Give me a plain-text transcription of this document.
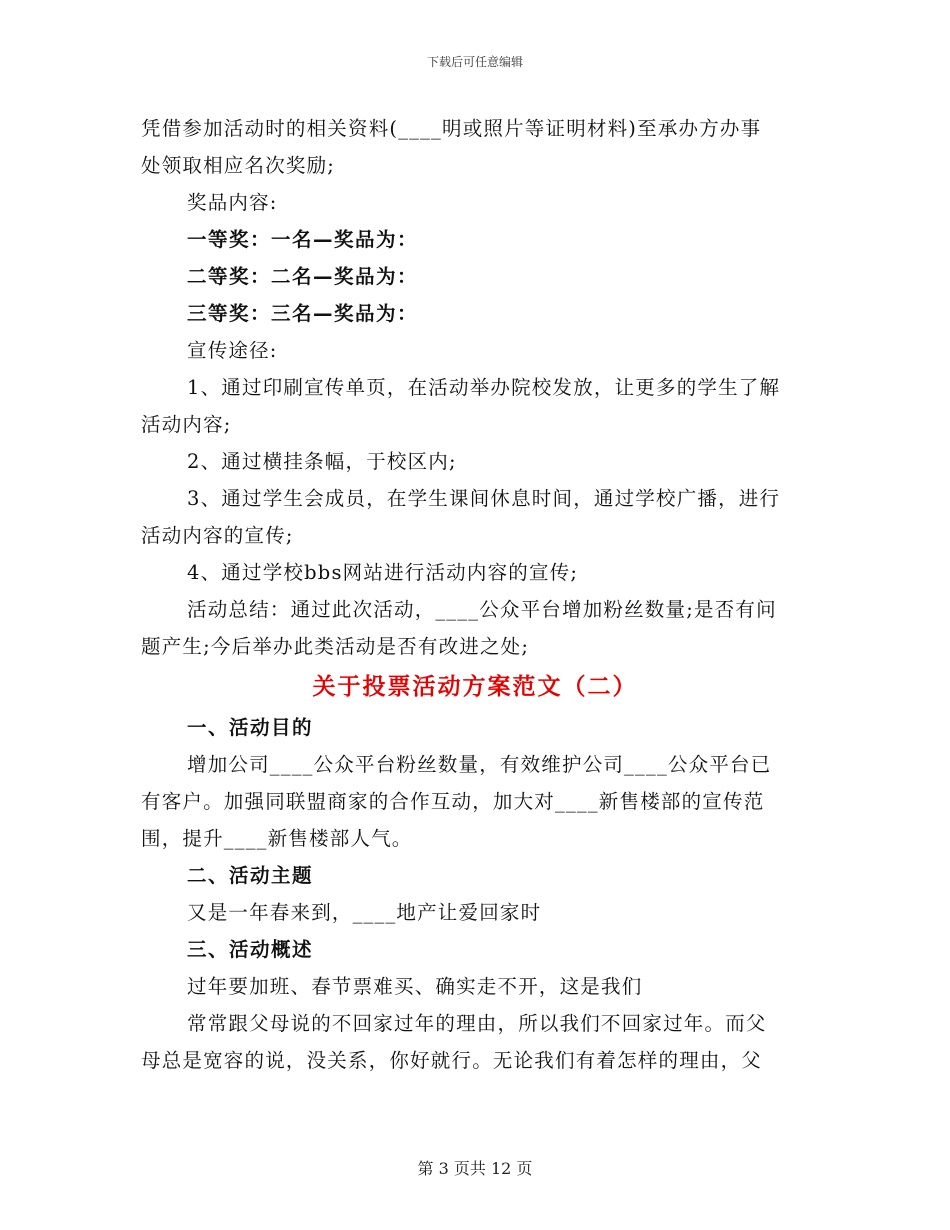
下载后可任意编辑
凭借参加活动时的相关资料(____明或照片等证明材料)至承办方办事
处领取相应名次奖励;
奖品内容:
一等奖：一名—奖品为：
二等奖：二名—奖品为：
三等奖：三名—奖品为：
宣传途径:
1、通过印刷宣传单页，在活动举办院校发放，让更多的学生了解
活动内容;
2、通过横挂条幅，于校区内;
3、通过学生会成员，在学生课间休息时间，通过学校广播，进行
活动内容的宣传;
4、通过学校bbs网站进行活动内容的宣传;
活动总结：通过此次活动，____公众平台增加粉丝数量;是否有问
题产生;今后举办此类活动是否有改进之处;
关于投票活动方案范文（二）
一、活动目的
增加公司____公众平台粉丝数量，有效维护公司____公众平台已
有客户。加强同联盟商家的合作互动，加大对____新售楼部的宣传范
围，提升____新售楼部人气。
二、活动主题
又是一年春来到，____地产让爱回家时
三、活动概述
过年要加班、春节票难买、确实走不开，这是我们
常常跟父母说的不回家过年的理由，所以我们不回家过年。而父
母总是宽容的说，没关系，你好就行。无论我们有着怎样的理由，父
第 3 页共 12 页
